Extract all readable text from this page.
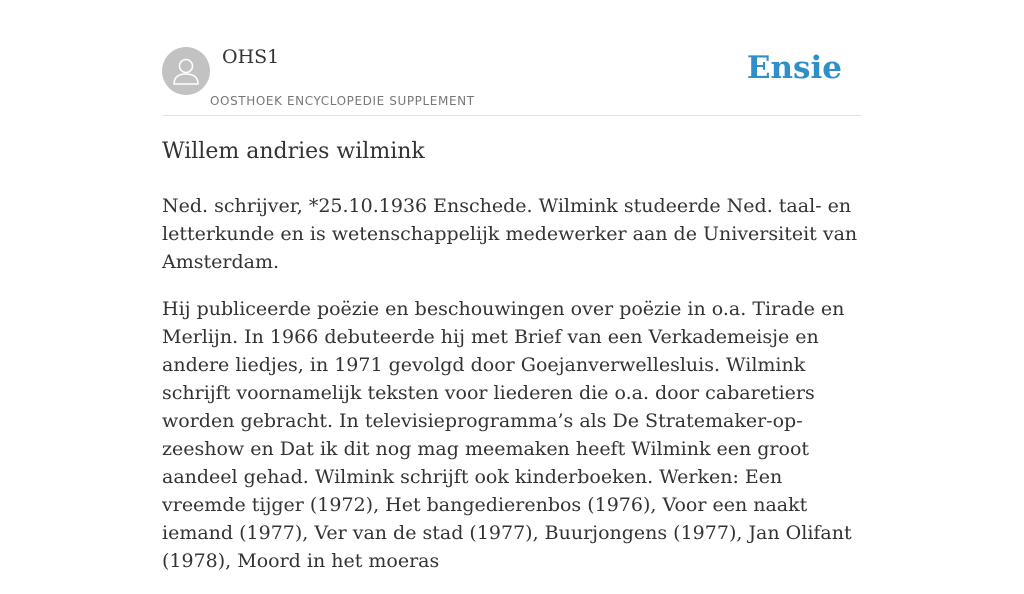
OHS1
OOSTHOEK ENCYCLOPEDIE SUPPLEMENT
Ensie
Willem andries wilmink

Ned. schrijver, *25.10.1936 Enschede. Wilmink studeerde Ned. taal- en letterkunde en is wetenschappelijk medewerker aan de Universiteit van Amsterdam.

Hij publiceerde poëzie en beschouwingen over poëzie in o.a. Tirade en Merlijn. In 1966 debuteerde hij met Brief van een Verkademeisje en andere liedjes, in 1971 gevolgd door Goejanverwellesluis. Wilmink schrijft voornamelijk teksten voor liederen die o.a. door cabaretiers worden gebracht. In televisieprogramma’s als De Stratemaker-op-zeeshow en Dat ik dit nog mag meemaken heeft Wilmink een groot aandeel gehad. Wilmink schrijft ook kinderboeken. Werken: Een vreemde tijger (1972), Het bangedierenbos (1976), Voor een naakt iemand (1977), Ver van de stad (1977), Buurjongens (1977), Jan Olifant (1978), Moord in het moeras
